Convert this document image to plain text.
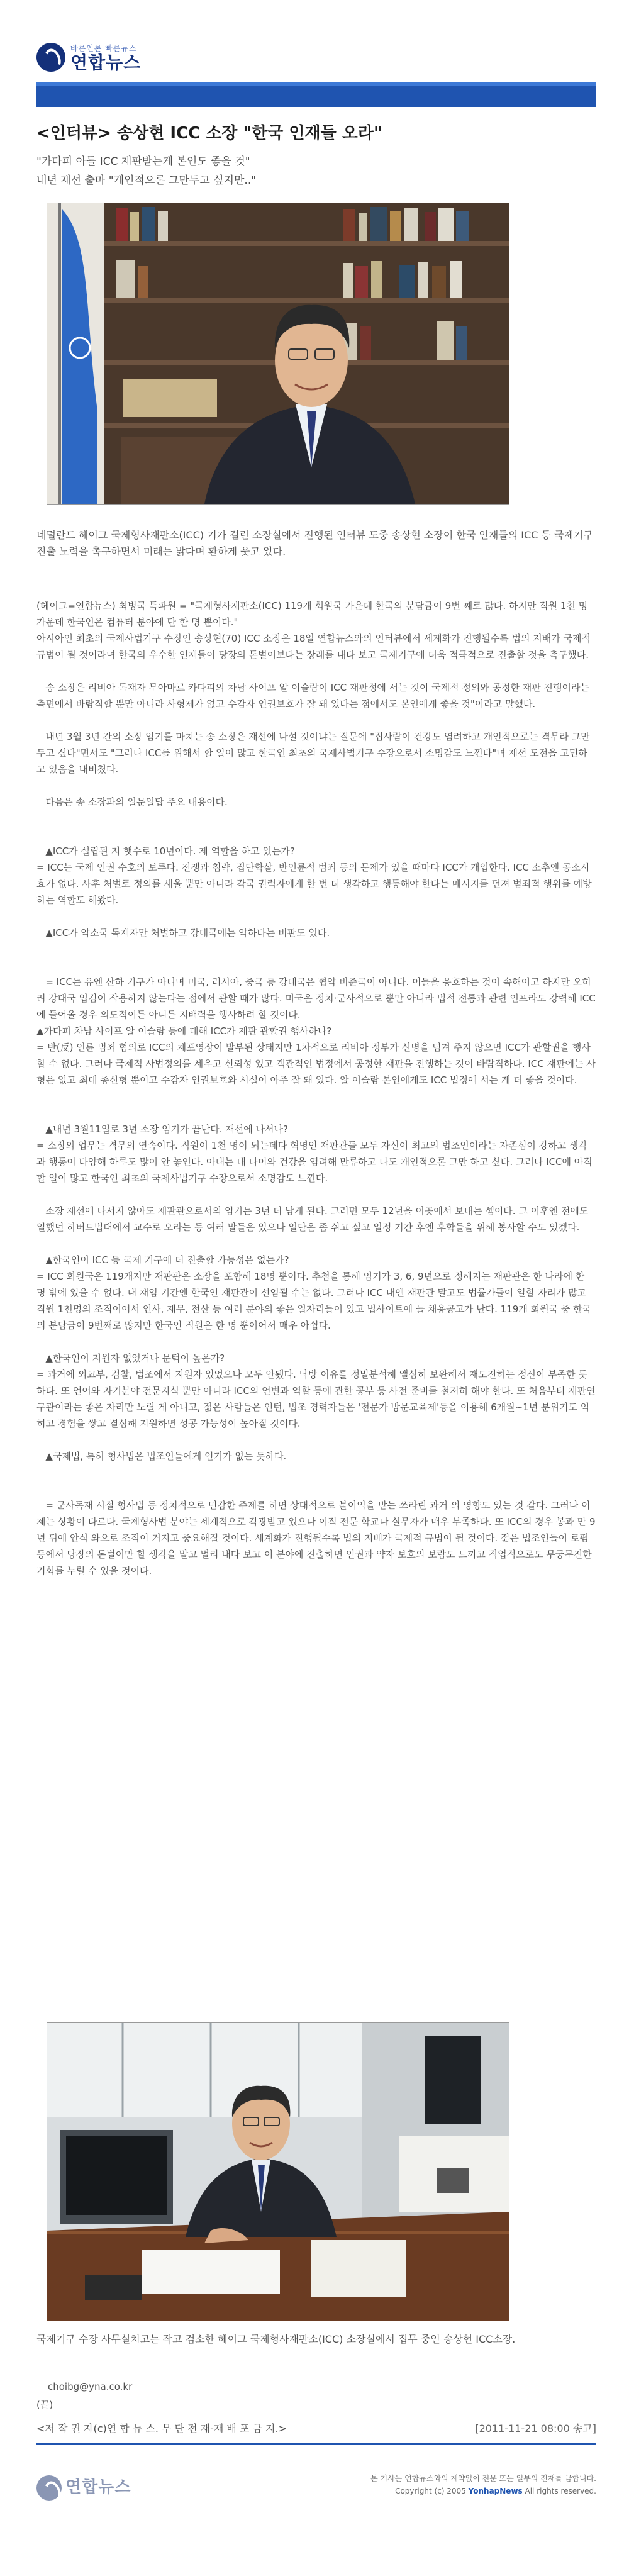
바른언론 빠른뉴스
연합뉴스
<인터뷰> 송상현 ICC 소장 "한국 인재들 오라"
"카다피 아들 ICC 재판받는게 본인도 좋을 것"
내년 재선 출마 "개인적으론 그만두고 싶지만.."
네덜란드 헤이그 국제형사재판소(ICC) 기가 걸린 소장실에서 진행된 인터뷰 도중 송상현 소장이 한국 인재들의 ICC 등 국제기구 진출 노력을 촉구하면서 미래는 밝다며 환하게 웃고 있다.

(헤이그=연합뉴스) 최병국 특파원 = "국제형사재판소(ICC) 119개 회원국 가운데 한국의 분담금이 9번 째로 많다. 하지만 직원 1천 명 가운데 한국인은 컴퓨터 분야에 단 한 명 뿐이다."

아시아인 최초의 국제사법기구 수장인 송상현(70) ICC 소장은 18일 연합뉴스와의 인터뷰에서 세계화가 진행될수록 법의 지배가 국제적 규범이 될 것이라며 한국의 우수한 인재들이 당장의 돈벌이보다는 장래를 내다 보고 국제기구에 더욱 적극적으로 진출할 것을 촉구했다.

송 소장은 리비아 독재자 무아마르 카다피의 차남 사이프 알 이슬람이 ICC 재판정에 서는 것이 국제적 정의와 공정한 재판 진행이라는 측면에서 바람직할 뿐만 아니라 사형제가 없고 수감자 인권보호가 잘 돼 있다는 점에서도 본인에게 좋을 것"이라고 말했다.

내년 3월 3년 간의 소장 임기를 마치는 송 소장은 재선에 나설 것이냐는 질문에 "집사람이 건강도 염려하고 개인적으로는 격무라 그만두고 싶다"면서도 "그러나 ICC를 위해서 할 일이 많고 한국인 최초의 국제사법기구 수장으로서 소명감도 느낀다"며 재선 도전을 고민하고 있음을 내비쳤다.

다음은 송 소장과의 일문일답 주요 내용이다.

▲ICC가 설립된 지 햇수로 10년이다. 제 역할을 하고 있는가?
= ICC는 국제 인권 수호의 보루다. 전쟁과 침략, 집단학살, 반인륜적 범죄 등의 문제가 있을 때마다 ICC가 개입한다. ICC 소추엔 공소시효가 없다. 사후 처벌로 정의를 세울 뿐만 아니라 각국 권력자에게 한 번 더 생각하고 행동해야 한다는 메시지를 던져 범죄적 행위를 예방하는 역할도 해왔다.

▲ICC가 약소국 독재자만 처벌하고 강대국에는 약하다는 비판도 있다.

= ICC는 유엔 산하 기구가 아니며 미국, 러시아, 중국 등 강대국은 협약 비준국이 아니다. 이들을 옹호하는 것이 속해이고 하지만 오히려 강대국 입김이 작용하지 않는다는 점에서 관할 때가 많다. 미국은 정치·군사적으로 뿐만 아니라 법적 전통과 관련 인프라도 강력해 ICC에 들어올 경우 의도적이든 아니든 지배력을 행사하려 할 것이다.
▲카다피 차남 사이프 알 이슬람 등에 대해 ICC가 재판 관할권 행사하나?
= 반(反) 인륜 범죄 혐의로 ICC의 체포영장이 발부된 상태지만 1차적으로 리비아 정부가 신병을 넘겨 주지 않으면 ICC가 관할권을 행사할 수 없다. 그러나 국제적 사법정의를 세우고 신뢰성 있고 객관적인 법정에서 공정한 재판을 진행하는 것이 바람직하다. ICC 재판에는 사형은 없고 최대 종신형 뿐이고 수감자 인권보호와 시설이 아주 잘 돼 있다. 알 이슬람 본인에게도 ICC 법정에 서는 게 더 좋을 것이다.

▲내년 3월11일로 3년 소장 임기가 끝난다. 재선에 나서나?
= 소장의 업무는 격무의 연속이다. 직원이 1천 명이 되는데다 혁명인 재판관들 모두 자신이 최고의 법조인이라는 자존심이 강하고 생각과 행동이 다양해 하루도 많이 안 놓인다. 아내는 내 나이와 건강을 염려해 만류하고 나도 개인적으론 그만 하고 싶다. 그러나 ICC에 아직 할 일이 많고 한국인 최초의 국제사법기구 수장으로서 소명감도 느낀다.

소장 재선에 나서지 않아도 재판관으로서의 임기는 3년 더 남게 된다. 그러면 모두 12년을 이곳에서 보내는 셈이다. 그 이후엔 전에도 일했던 하버드법대에서 교수로 오라는 등 여러 말들은 있으나 일단은 좀 쉬고 싶고 일정 기간 후엔 후학들을 위해 봉사할 수도 있겠다.

▲한국인이 ICC 등 국제 기구에 더 진출할 가능성은 없는가?
= ICC 회원국은 119개지만 재판관은 소장을 포함해 18명 뿐이다. 추첨을 통해 임기가 3, 6, 9년으로 정해지는 재판관은 한 나라에 한 명 밖에 있을 수 없다. 내 재임 기간엔 한국인 재판관이 선임될 수는 없다. 그러나 ICC 내엔 재판관 말고도 법률가들이 일할 자리가 많고 직원 1천명의 조직이어서 인사, 재무, 전산 등 여러 분야의 좋은 일자리들이 있고 법사이트에 늘 채용공고가 난다. 119개 회원국 중 한국의 분담금이 9번째로 많지만 한국인 직원은 한 명 뿐이어서 매우 아쉽다.

▲한국인이 지원자 없었거나 문턱이 높은가?
= 과거에 외교부, 검찰, 법조에서 지원자 있었으나 모두 안됐다. 낙방 이유를 정밀분석해 앨심히 보완해서 재도전하는 정신이 부족한 듯하다. 또 언어와 자기분야 전문지식 뿐만 아니라 ICC의 언변과 역할 등에 관한 공부 등 사전 준비를 철저히 해야 한다. 또 처음부터 재판연구관이라는 좋은 자리만 노릴 게 아니고, 젊은 사람들은 인턴, 법조 경력자들은 '전문가 방문교육제'등을 이용해 6개월~1년 분위기도 익히고 경험을 쌓고 결심해 지원하면 성공 가능성이 높아질 것이다.

▲국제법, 특히 형사법은 법조인들에게 인기가 없는 듯하다.

= 군사독재 시절 형사법 등 정치적으로 민감한 주제를 하면 상대적으로 불이익을 받는 쓰라린 과거 의 영향도 있는 것 같다. 그러나 이제는 상황이 다르다. 국제형사법 분야는 세계적으로 각광받고 있으나 이직 전문 학교나 실무자가 매우 부족하다. 또 ICC의 경우 봉과 만 9년 뒤에 안식 와으로 조직이 커지고 중요해질 것이다. 세계화가 진행될수록 법의 지배가 국제적 규범이 될 것이다. 젊은 법조인들이 로펌 등에서 당장의 돈벌이만 할 생각을 말고 멀리 내다 보고 이 분야에 진출하면 인권과 약자 보호의 보람도 느끼고 직업적으로도 무궁무진한 기회를 누릴 수 있을 것이다.

국제기구 수장 사무실치고는 작고 검소한 헤이그 국제형사재판소(ICC) 소장실에서 집무 중인 송상현 ICC소장.
choibg@yna.co.kr
(끝)
<저 작 권 자(c)연 합 뉴 스. 무 단 전 재-재 배 포 금 지.>	[2011-11-21 08:00 송고]
연합뉴스	본 기사는 연합뉴스와의 계약없이 전문 또는 일부의 전재를 금합니다.
Copyright (c) 2005 YonhapNews All rights reserved.
